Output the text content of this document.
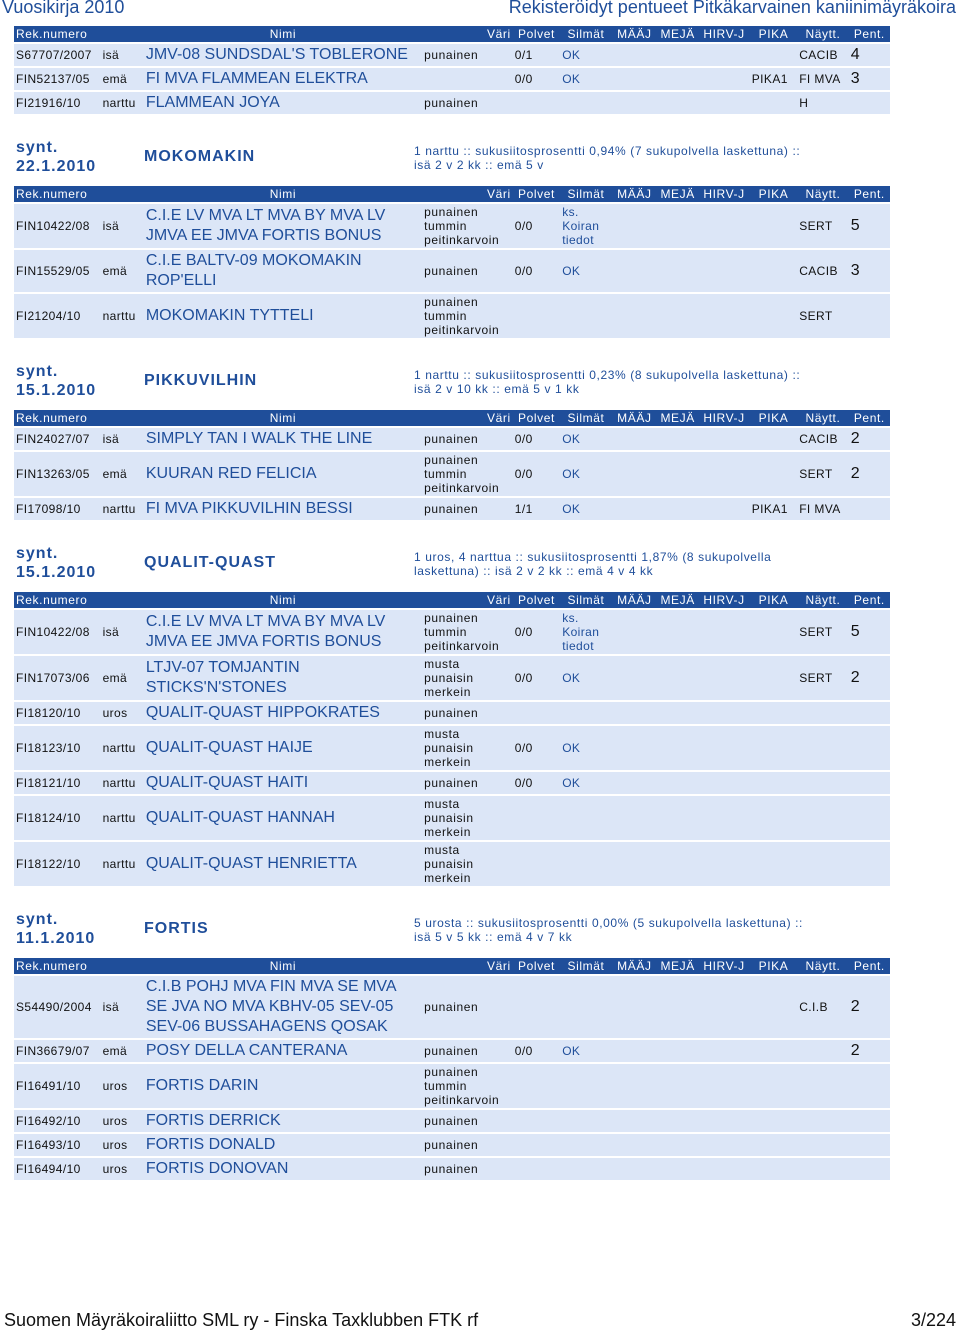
Vuosikirja 2010	Rekisteröidyt pentueet Pitkäkarvainen kaniinimäyräkoira
Rek.numero		Nimi	Väri	Polvet	Silmät	MÄÄJ	MEJÄ	HIRV-J	PIKA	Näytt.	Pent.
S67707/2007	isä	JMV-08 SUNDSDAL'S TOBLERONE	punainen	0/1	OK					CACIB	4
FIN52137/05	emä	FI MVA FLAMMEAN ELEKTRA		0/0	OK				PIKA1	FI MVA	3
FI21916/10	narttu	FLAMMEAN JOYA	punainen							H	
synt.
22.1.2010
MOKOMAKIN	1 narttu :: sukusiitosprosentti 0,94% (7 sukupolvella laskettuna) :: isä 2 v 2 kk :: emä 5 v
Rek.numero		Nimi	Väri	Polvet	Silmät	MÄÄJ	MEJÄ	HIRV-J	PIKA	Näytt.	Pent.
FIN10422/08	isä	C.I.E LV MVA LT MVA BY MVA LV JMVA EE JMVA FORTIS BONUS	punainen tummin peitinkarvoin	0/0	ks. Koiran tiedot					SERT	5
FIN15529/05	emä	C.I.E BALTV-09 MOKOMAKIN ROP'ELLI	punainen	0/0	OK					CACIB	3
FI21204/10	narttu	MOKOMAKIN TYTTELI	punainen tummin peitinkarvoin							SERT	
synt.
15.1.2010
PIKKUVILHIN	1 narttu :: sukusiitosprosentti 0,23% (8 sukupolvella laskettuna) :: isä 2 v 10 kk :: emä 5 v 1 kk
Rek.numero		Nimi	Väri	Polvet	Silmät	MÄÄJ	MEJÄ	HIRV-J	PIKA	Näytt.	Pent.
FIN24027/07	isä	SIMPLY TAN I WALK THE LINE	punainen	0/0	OK					CACIB	2
FIN13263/05	emä	KUURAN RED FELICIA	punainen tummin peitinkarvoin	0/0	OK					SERT	2
FI17098/10	narttu	FI MVA PIKKUVILHIN BESSI	punainen	1/1	OK				PIKA1	FI MVA	
synt.
15.1.2010
QUALIT-QUAST	1 uros, 4 narttua :: sukusiitosprosentti 1,87% (8 sukupolvella laskettuna) :: isä 2 v 2 kk :: emä 4 v 4 kk
Rek.numero		Nimi	Väri	Polvet	Silmät	MÄÄJ	MEJÄ	HIRV-J	PIKA	Näytt.	Pent.
FIN10422/08	isä	C.I.E LV MVA LT MVA BY MVA LV JMVA EE JMVA FORTIS BONUS	punainen tummin peitinkarvoin	0/0	ks. Koiran tiedot					SERT	5
FIN17073/06	emä	LTJV-07 TOMJANTIN STICKS'N'STONES	musta punaisin merkein	0/0	OK					SERT	2
FI18120/10	uros	QUALIT-QUAST HIPPOKRATES	punainen								
FI18123/10	narttu	QUALIT-QUAST HAIJE	musta punaisin merkein	0/0	OK						
FI18121/10	narttu	QUALIT-QUAST HAITI	punainen	0/0	OK						
FI18124/10	narttu	QUALIT-QUAST HANNAH	musta punaisin merkein								
FI18122/10	narttu	QUALIT-QUAST HENRIETTA	musta punaisin merkein								
synt.
11.1.2010
FORTIS	5 urosta :: sukusiitosprosentti 0,00% (5 sukupolvella laskettuna) :: isä 5 v 5 kk :: emä 4 v 7 kk
Rek.numero		Nimi	Väri	Polvet	Silmät	MÄÄJ	MEJÄ	HIRV-J	PIKA	Näytt.	Pent.
S54490/2004	isä	C.I.B POHJ MVA FIN MVA SE MVA SE JVA NO MVA KBHV-05 SEV-05 SEV-06 BUSSAHAGENS QOSAK	punainen							C.I.B	2
FIN36679/07	emä	POSY DELLA CANTERANA	punainen	0/0	OK						2
FI16491/10	uros	FORTIS DARIN	punainen tummin peitinkarvoin								
FI16492/10	uros	FORTIS DERRICK	punainen								
FI16493/10	uros	FORTIS DONALD	punainen								
FI16494/10	uros	FORTIS DONOVAN	punainen								
Suomen Mäyräkoiraliitto SML ry - Finska Taxklubben FTK rf	3/224
